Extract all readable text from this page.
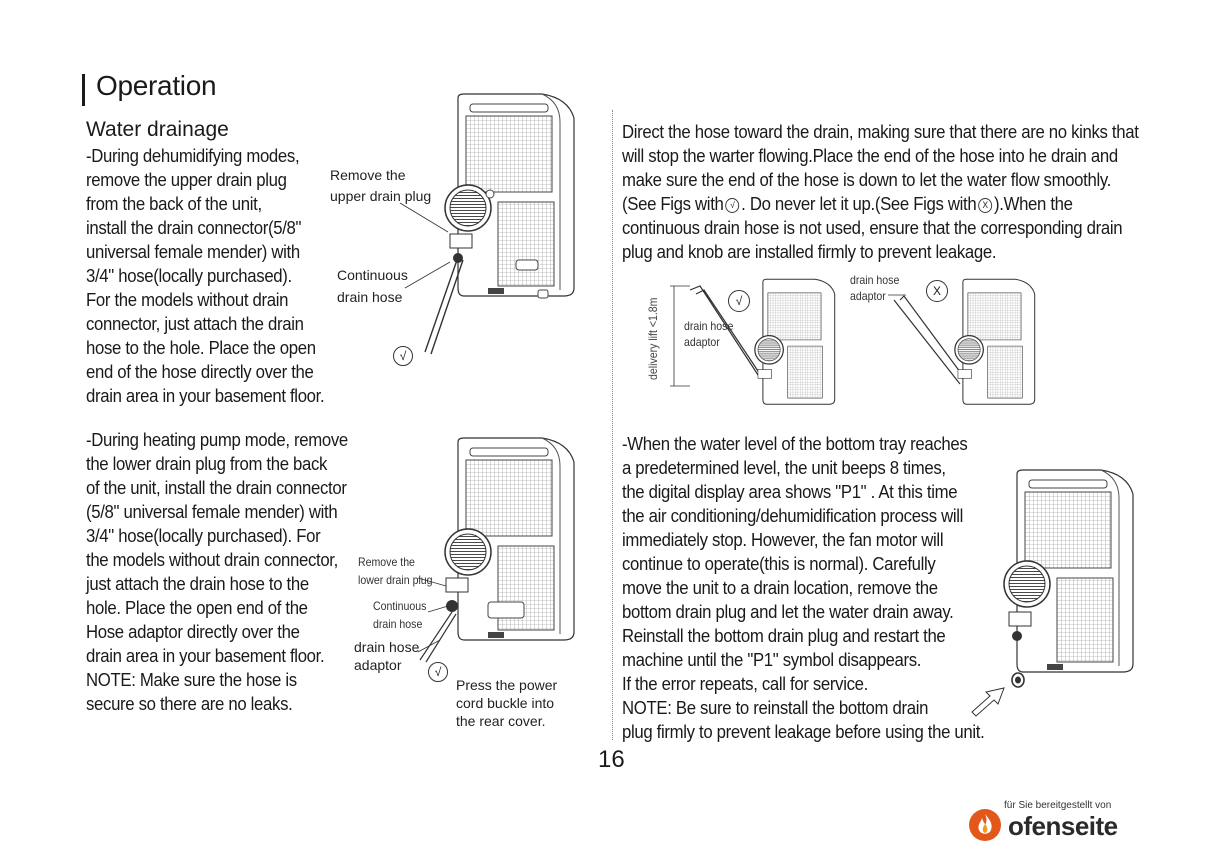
Operation
Water drainage
-During dehumidifying modes,
remove the upper drain plug
from the back of the unit,
install the drain connector(5/8"
universal female mender) with
3/4" hose(locally purchased).
For the models without drain
connector, just attach the drain
hose to the hole. Place the open
end of the hose directly over the
drain area in your basement floor.
-During heating pump mode, remove
the lower drain plug from the back
of the unit, install the drain connector
(5/8" universal female mender) with
3/4" hose(locally purchased). For
the models without drain connector,
just attach the drain hose to the
hole. Place the open end of the
Hose adaptor directly over the
drain area in your basement floor.
NOTE: Make sure the hose is
secure so there are no leaks.
Direct the hose toward the drain, making sure that there are no kinks that
will stop the warter flowing.Place the end of the hose into he drain and
make sure the end of the hose is down to let the water flow smoothly.
(See Figs with √ . Do never let it up.(See Figs with X ).When the
continuous drain hose is not used, ensure that the corresponding drain
plug and knob are installed firmly to prevent leakage.
-When the water level of the bottom tray reaches
a predetermined level, the unit beeps 8 times,
the digital display area shows "P1" . At this time
the air conditioning/dehumidification process will
immediately stop. However, the fan motor will
continue to operate(this is normal). Carefully
move the unit to a drain location, remove the
bottom drain plug and let the water drain away.
Reinstall the bottom drain plug and restart the
machine until the "P1" symbol disappears.
If the error repeats, call for service.
NOTE: Be sure to reinstall the bottom drain
plug firmly to prevent leakage before using the unit.
Remove the
upper drain plug
Continuous
drain hose
√
Remove the
lower drain plug
Continuous
drain hose
drain hose
adaptor	√
Press the power
cord buckle into
the rear cover.
delivery lift <1.8m drain hose
adaptor
drain hose
adaptor
√
X
16
für Sie bereitgestellt von
ofenseite
